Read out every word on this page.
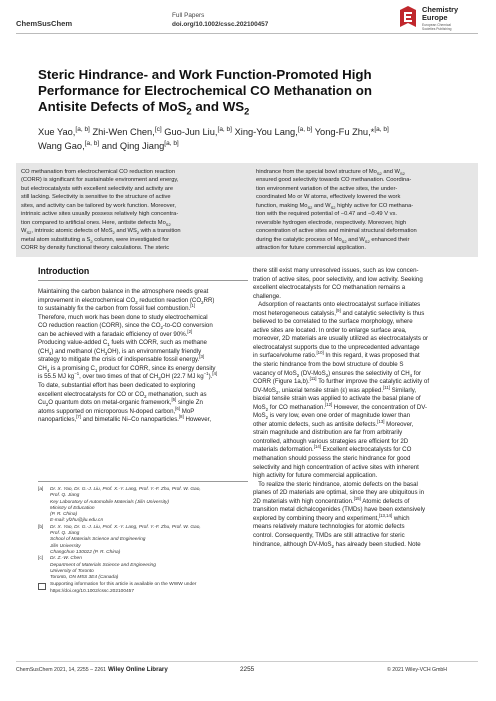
ChemSusChem
Full Papers
doi.org/10.1002/cssc.202100457
Chemistry
Europe
European Chemical
Societies Publishing
Steric Hindrance- and Work Function-Promoted High
Performance for Electrochemical CO Methanation on
Antisite Defects of MoS$_2$ and $WS_2$
Xue Yao,[a, b] Zhi-Wen Chen,[c] Guo-Jun Liu,[a, b] Xing-You Lang,[a, b] Yong-Fu Zhu,*[a, b]
Wang Gao,[a, b] and Qing Jiang[a, b]
CO methanation from electrochemical CO reduction reaction
(CORR) is significant for sustainable environment and energy,
but electrocatalysts with excellent selectivity and activity are
still lacking. Selectivity is sensitive to the structure of active
sites, and activity can be tailored by work function. Moreover,
intrinsic active sites usually possess relatively high concentra-
tion compared to artificial ones. Here, antisite defects $Mo_{S2}$
$W_{S2}$, intrinsic atomic defects of MoS$_2$ and $WS_2$ with a transition
metal atom substituting a $S_2$ column, were investigated for
CORR by density functional theory calculations. The steric
hindrance from the special bowl structure of $Mo_{S2}$ and $W_{S2}$
ensured good selectivity towards CO methanation. Coordina-
tion environment variation of the active sites, the under-
coordinated Mo or W atoms, effectively lowered the work
function, making $Mo_{S2}$ and $W_{S2}$ highly active for CO methana-
tion with the required potential of −0.47 and −0.49 V vs.
reversible hydrogen electrode, respectively. Moreover, high
concentration of active sites and minimal structural deformation
during the catalytic process of $Mo_{S2}$ and $W_{S2}$ enhanced their
attraction for future commercial application.
Introduction
Maintaining the carbon balance in the atmosphere needs great
improvement in electrochemical $CO_2$ reduction reaction $(CO_2RR)$
to sustainably fix the carbon from fossil fuel combustion.[1]
Therefore, much work has been done to study electrochemical
CO reduction reaction (CORR), since the $CO_2-to-CO$ conversion
can be achieved with a faradaic efficiency of over 90%.[2]
Producing value-added $C_1$ fuels with CORR, such as methane
$(CH_4)$ and methanol $(CH_3OH)$, is an environmentally friendly
strategy to mitigate the crisis of indispensable fossil energy.[3]
$CH_4$ is a promising $C_1$ product for CORR, since its energy density
is 55.5 MJ $kg^{-1}$, over two times of that of $CH_3OH$ (22.7 MJ $kg^{-1}).[4]$
To date, substantial effort has been dedicated to exploring
excellent electrocatalysts for CO or $CO_2$ methanation, such as
$Cu_2O$ quantum dots on metal-organic framework,[5] single Zn
atoms supported on microporous N-doped carbon,[6] MoP
nanoparticles,[7] and bimetallic Ni–Co nanoparticles.[8] However,
[a] Dr. X. Yao, Dr. G.-J. Liu, Prof. X.-Y. Lang, Prof. Y.-F. Zhu, Prof. W. Gao,
Prof. Q. Jiang
Key Laboratory of Automobile Materials (Jilin University)
Ministry of Education
(P. R. China)
E-mail: yfzhu@jlu.edu.cn
[b] Dr. X. Yao, Dr. G.-J. Liu, Prof. X.-Y. Lang, Prof. Y.-F. Zhu, Prof. W. Gao,
Prof. Q. Jiang
School of Materials Science and Engineering
Jilin University
Changchun 130022 (P. R. China)
[c] Dr. Z.-W. Chen
Department of Materials Science and Engineering
University of Toronto
Toronto, ON M5S 3E4 (Canada)
Supporting information for this article is available on the WWW under
https://doi.org/10.1002/cssc.202100457
there still exist many unresolved issues, such as low concen-
tration of active sites, poor selectivity, and low activity. Seeking
excellent electrocatalysts for CO methanation remains a
challenge.
Adsorption of reactants onto electrocatalyst surface initiates
most heterogeneous catalysis,[9] and catalytic selectivity is thus
believed to be correlated to the surface morphology, where
active sites are located. In order to enlarge surface area,
moreover, 2D materials are usually utilized as electrocatalysts or
electrocatalyst supports due to the unprecedented advantage
in surface/volume ratio.[10] In this regard, it was proposed that
the steric hindrance from the bowl structure of double S
vacancy of MoS$_2$ (DV-MoS$_2$) ensures the selectivity of $CH_4$ for
CORR (Figure 1a,b).[11] To further improve the catalytic activity of
DV-MoS$_2$, uniaxial tensile strain (ε) was applied.[11] Similarly,
biaxial tensile strain was applied to activate the basal plane of
MoS$_2$ for CO methanation.[12] However, the concentration of DV-
MoS$_2$ is very low, even one order of magnitude lower than
other atomic defects, such as antisite defects.[13] Moreover,
strain magnitude and distribution are far from arbitrarily
controlled, although various strategies are efficient for 2D
materials deformation.[14] Excellent electrocatalysts for CO
methanation should possess the steric hindrance for good
selectivity and high concentration of active sites with inherent
high activity for future commercial application.
To realize the steric hindrance, atomic defects on the basal
planes of 2D materials are optimal, since they are ubiquitous in
2D materials with high concentration.[15] Atomic defects of
transition metal dichalcogenides (TMDs) have been extensively
explored by combining theory and experiment,[13,14] which
means relatively mature technologies for atomic defects
control. Consequently, TMDs are still attractive for steric
hindrance, although DV-MoS$_2$ has already been studied. Note
ChemSusChem 2021, 14, 2255 – 2261 Wiley Online Library	2255	© 2021 Wiley-VCH GmbH
